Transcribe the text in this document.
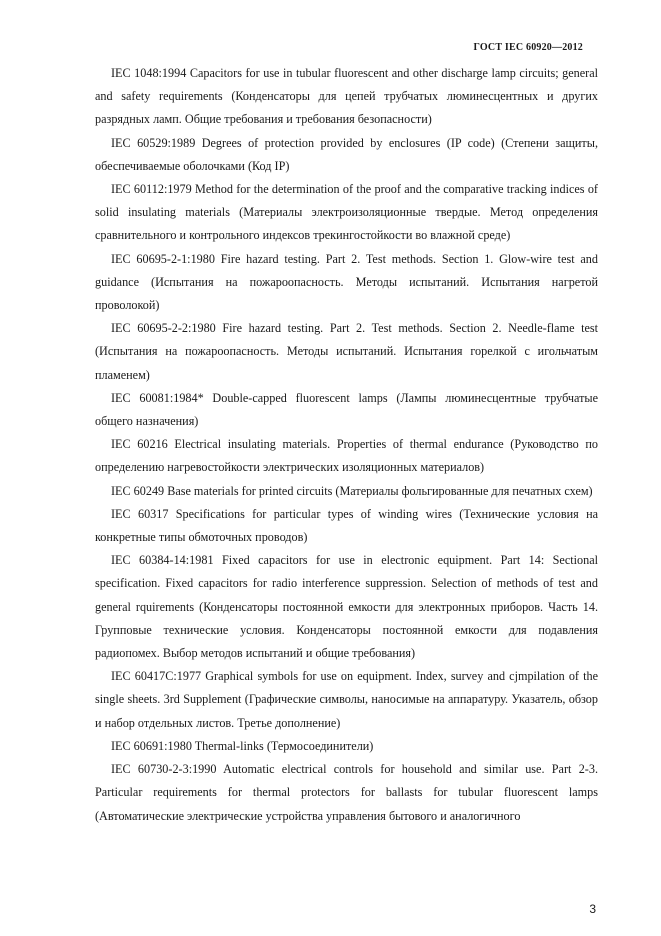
ГОСТ IEC 60920—2012

IEC 1048:1994 Capacitors for use in tubular fluorescent and other discharge lamp circuits; general and safety requirements (Конденсаторы для цепей трубчатых люминесцентных и других разрядных ламп. Общие требования и требования безопасности)

IEC 60529:1989 Degrees of protection provided by enclosures (IP code) (Степени защиты, обеспечиваемые оболочками (Код IP)

IEC 60112:1979 Method for the determination of the proof and the comparative tracking indices of solid insulating materials (Материалы электроизоляционные твердые. Метод определения сравнительного и контрольного индексов трекингостойкости во влажной среде)

IEC 60695-2-1:1980 Fire hazard testing. Part 2. Test methods. Section 1. Glow-wire test and guidance (Испытания на пожароопасность. Методы испытаний. Испытания нагретой проволокой)

IEC 60695-2-2:1980 Fire hazard testing. Part 2. Test methods. Section 2. Needle-flame test (Испытания на пожароопасность. Методы испытаний. Испытания горелкой с игольчатым пламенем)

IEC 60081:1984* Double-capped fluorescent lamps (Лампы люминесцентные трубчатые общего назначения)

IEC 60216 Electrical insulating materials. Properties of thermal endurance (Руководство по определению нагревостойкости электрических изоляционных материалов)

IEC 60249 Base materials for printed circuits (Материалы фольгированные для печатных схем)

IEC 60317 Specifications for particular types of winding wires (Технические условия на конкретные типы обмоточных проводов)

IEC 60384-14:1981 Fixed capacitors for use in electronic equipment. Part 14: Sectional specification. Fixed capacitors for radio interference suppression. Selection of methods of test and general rquirements (Конденсаторы постоянной емкости для электронных приборов. Часть 14. Групповые технические условия. Конденсаторы постоянной емкости для подавления радиопомех. Выбор методов испытаний и общие требования)

IEC 60417C:1977 Graphical symbols for use on equipment. Index, survey and cjmpilation of the single sheets. 3rd Supplement (Графические символы, наносимые на аппаратуру. Указатель, обзор и набор отдельных листов. Третье дополнение)

IEC 60691:1980 Thermal-links (Термосоединители)

IEC 60730-2-3:1990 Automatic electrical controls for household and similar use. Part 2-3. Particular requirements for thermal protectors for ballasts for tubular fluorescent lamps (Автоматические электрические устройства управления бытового и аналогичного

3
